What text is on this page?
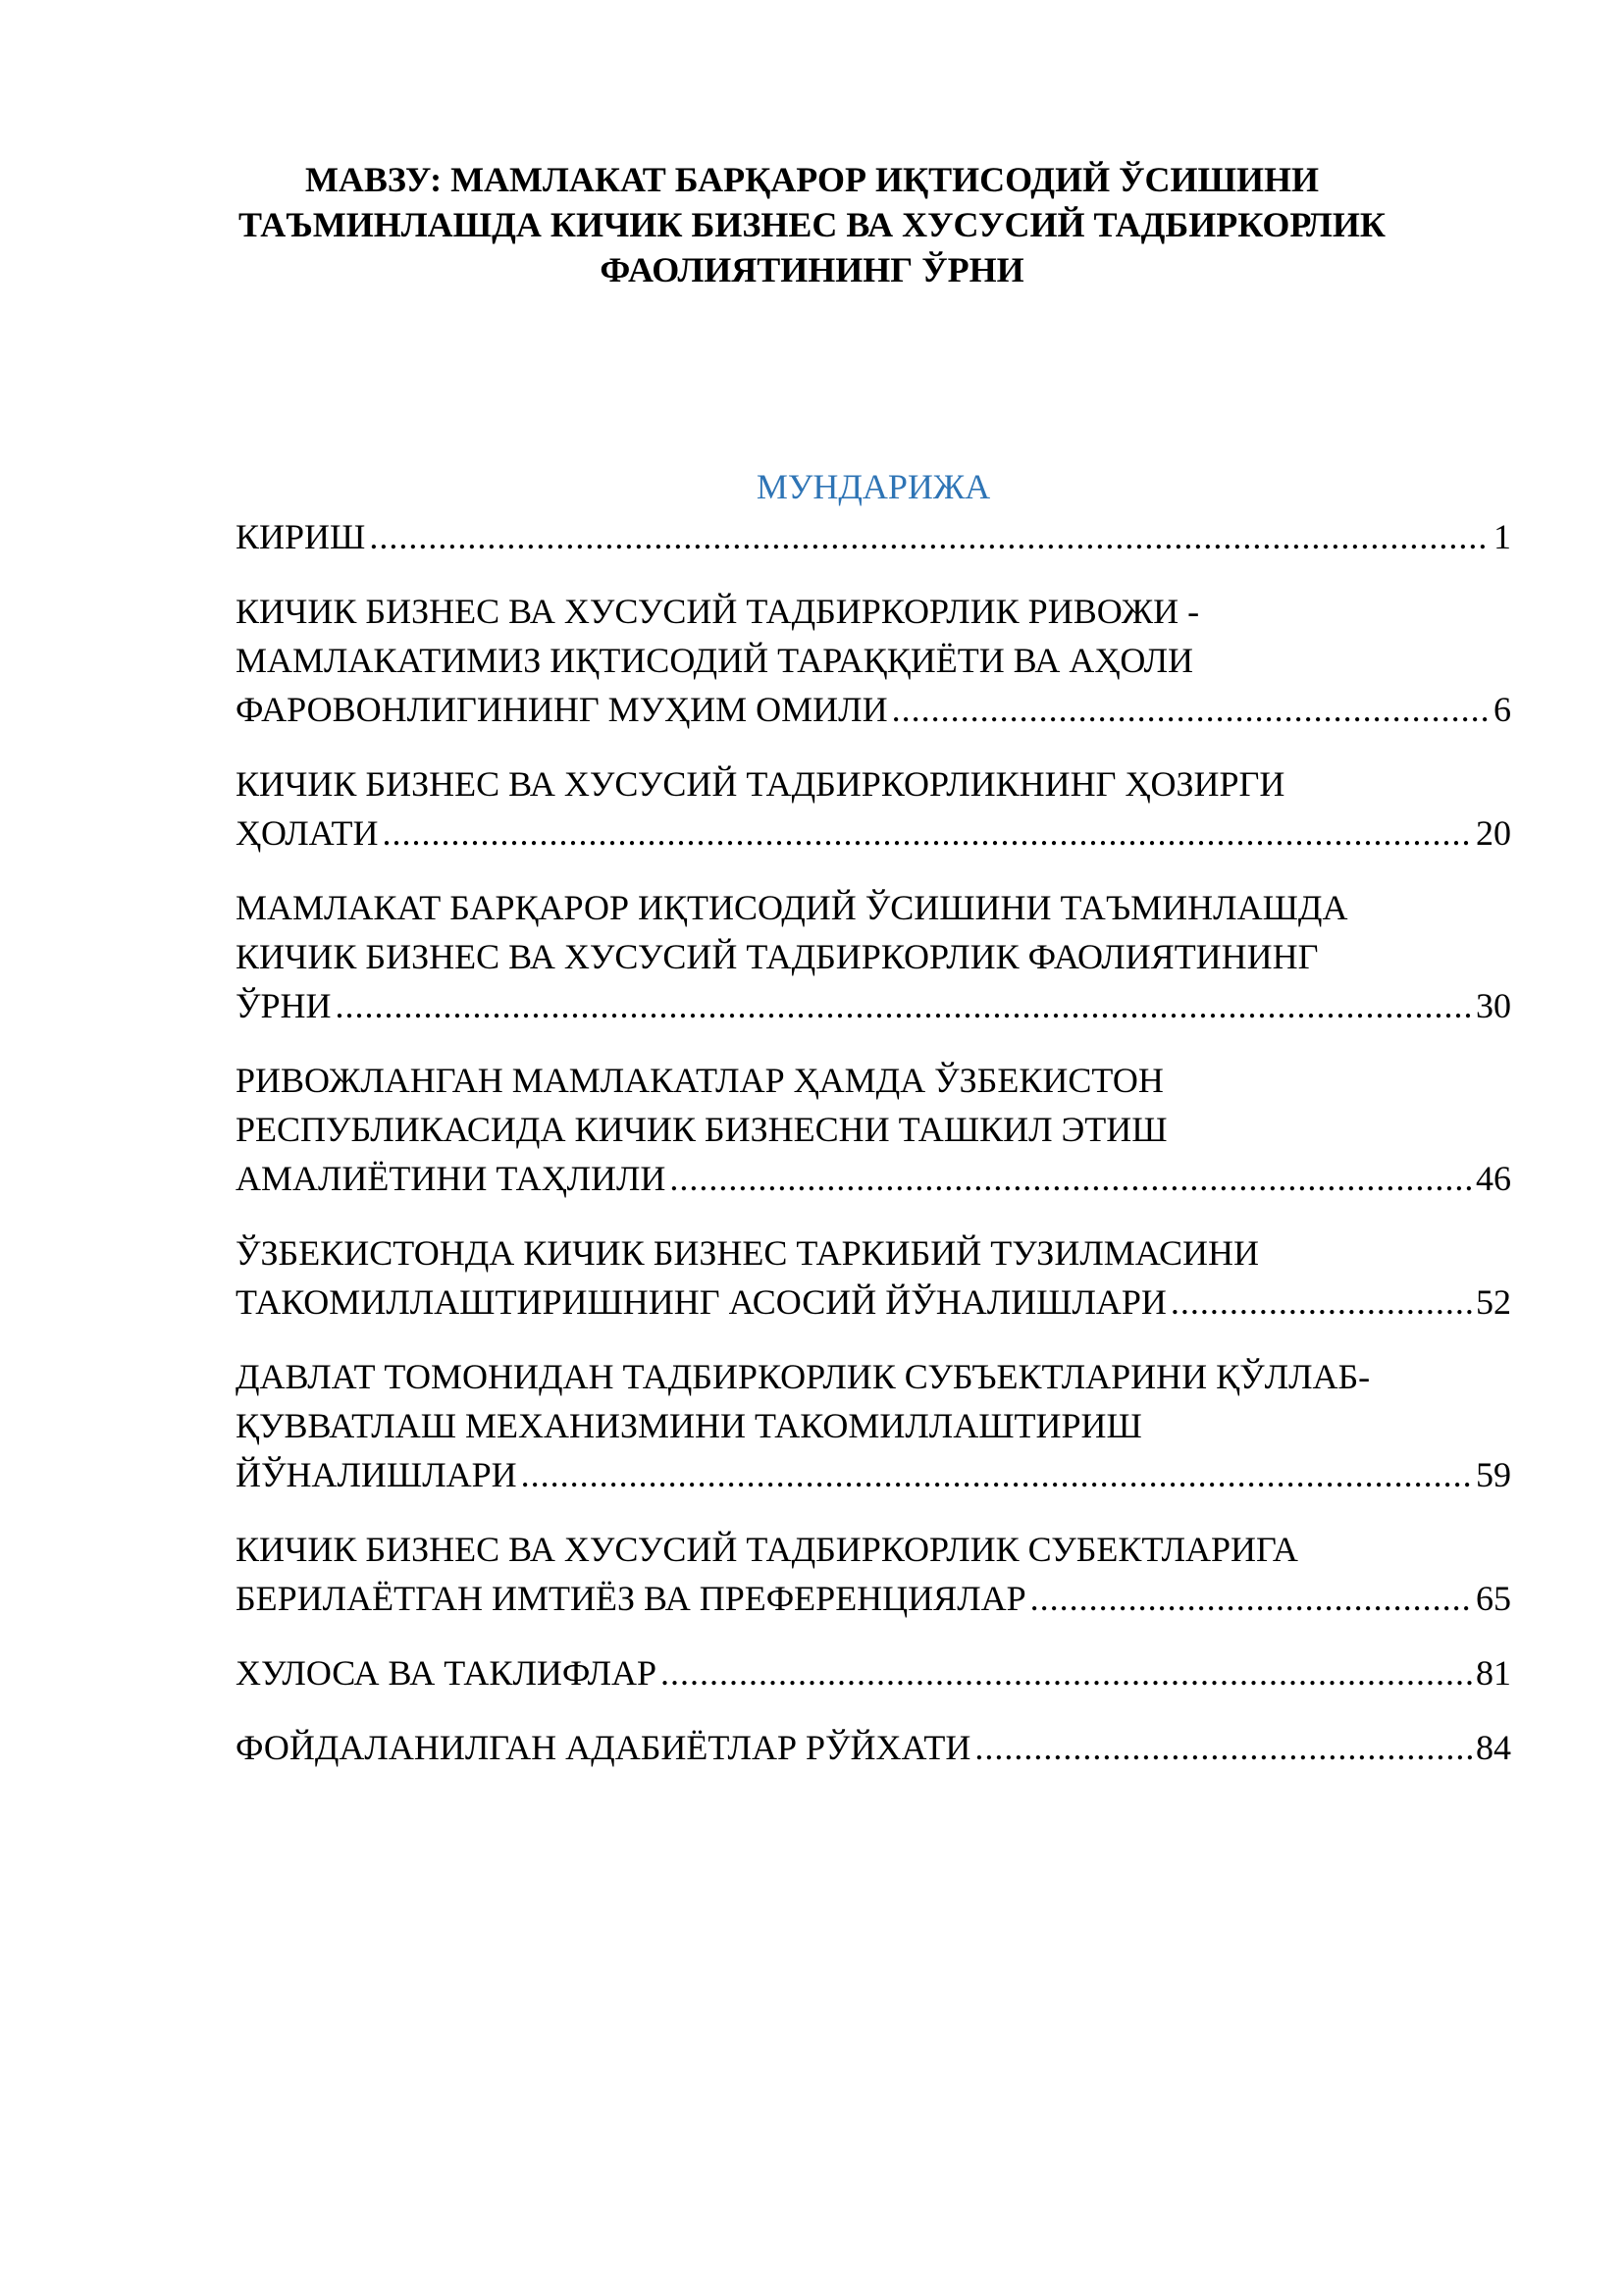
МАВЗУ: МАМЛАКАТ БАРҚАРОР ИҚТИСОДИЙ ЎСИШИНИ
ТАЪМИНЛАШДА КИЧИК БИЗНЕС ВА ХУСУСИЙ ТАДБИРКОРЛИК
ФАОЛИЯТИНИНГ ЎРНИ
МУНДАРИЖА
КИРИШ .....	1
КИЧИК БИЗНЕС ВА ХУСУСИЙ ТАДБИРКОРЛИК РИВОЖИ -
МАМЛАКАТИМИЗ ИҚТИСОДИЙ ТАРАҚҚИЁТИ ВА АҲОЛИ
ФАРОВОНЛИГИНИНГ МУҲИМ ОМИЛИ .....	6
КИЧИК БИЗНЕС ВА ХУСУСИЙ ТАДБИРКОРЛИКНИНГ ҲОЗИРГИ
ҲОЛАТИ .....	20
МАМЛАКАТ БАРҚАРОР ИҚТИСОДИЙ ЎСИШИНИ ТАЪМИНЛАШДА
КИЧИК БИЗНЕС ВА ХУСУСИЙ ТАДБИРКОРЛИК ФАОЛИЯТИНИНГ
ЎРНИ .....	30
РИВОЖЛАНГАН МАМЛАКАТЛАР ҲАМДА ЎЗБЕКИСТОН
РЕСПУБЛИКАСИДА КИЧИК БИЗНЕСНИ ТАШКИЛ ЭТИШ
АМАЛИЁТИНИ ТАҲЛИЛИ .....	46
ЎЗБЕКИСТОНДА КИЧИК БИЗНЕС ТАРКИБИЙ ТУЗИЛМАСИНИ
ТАКОМИЛЛАШТИРИШНИНГ АСОСИЙ ЙЎНАЛИШЛАРИ .....	52
ДАВЛАТ ТОМОНИДАН ТАДБИРКОРЛИК СУБЪЕКТЛАРИНИ ҚЎЛЛАБ-
ҚУВВАТЛАШ МЕХАНИЗМИНИ ТАКОМИЛЛАШТИРИШ
ЙЎНАЛИШЛАРИ .....	59
КИЧИК БИЗНЕС ВА ХУСУСИЙ ТАДБИРКОРЛИК СУБЕКТЛАРИГА
БЕРИЛАЁТГАН ИМТИЁЗ ВА ПРЕФЕРЕНЦИЯЛАР .....	65
ХУЛОСА ВА ТАКЛИФЛАР .....	81
ФОЙДАЛАНИЛГАН АДАБИЁТЛАР РЎЙХАТИ .....	84
